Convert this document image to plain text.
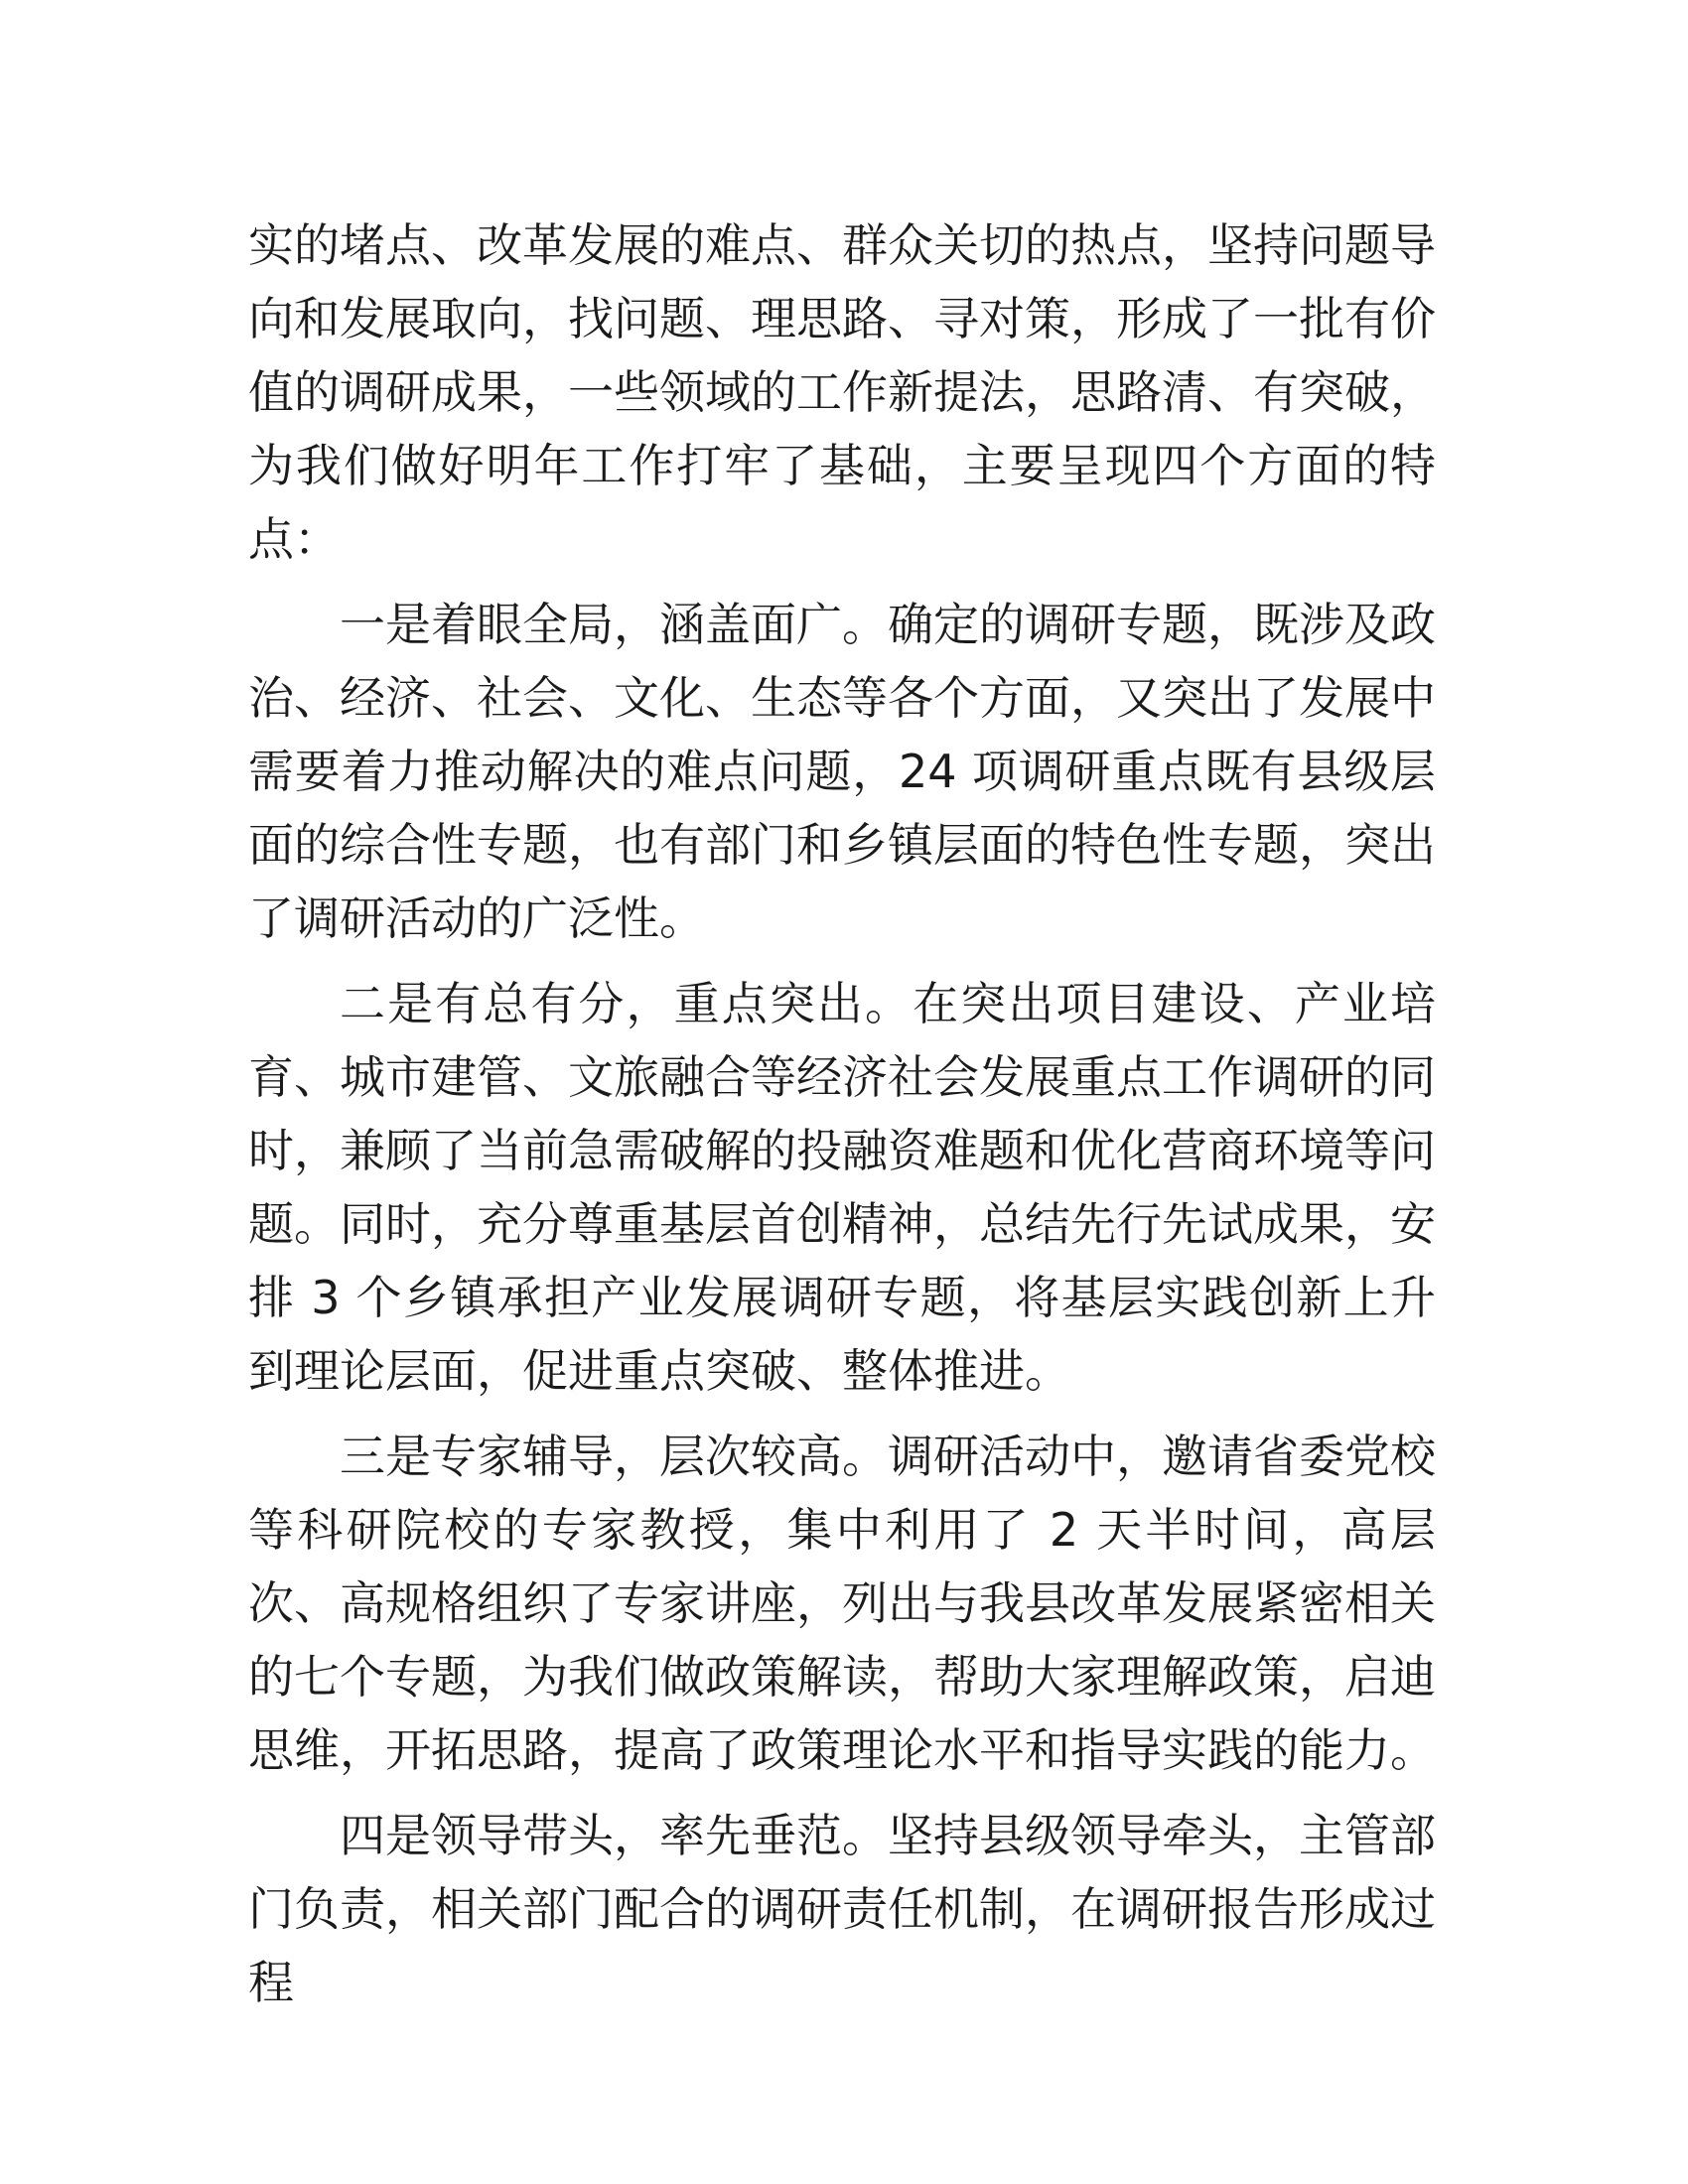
实的堵点、改革发展的难点、群众关切的热点，坚持问题导向和发展取向，找问题、理思路、寻对策，形成了一批有价值的调研成果，一些领域的工作新提法，思路清、有突破，为我们做好明年工作打牢了基础，主要呈现四个方面的特点：

一是着眼全局，涵盖面广。确定的调研专题，既涉及政治、经济、社会、文化、生态等各个方面，又突出了发展中需要着力推动解决的难点问题，24 项调研重点既有县级层面的综合性专题，也有部门和乡镇层面的特色性专题，突出了调研活动的广泛性。

二是有总有分，重点突出。在突出项目建设、产业培育、城市建管、文旅融合等经济社会发展重点工作调研的同时，兼顾了当前急需破解的投融资难题和优化营商环境等问题。同时，充分尊重基层首创精神，总结先行先试成果，安排 3 个乡镇承担产业发展调研专题，将基层实践创新上升到理论层面，促进重点突破、整体推进。

三是专家辅导，层次较高。调研活动中，邀请省委党校等科研院校的专家教授，集中利用了 2 天半时间，高层次、高规格组织了专家讲座，列出与我县改革发展紧密相关的七个专题，为我们做政策解读，帮助大家理解政策，启迪思维，开拓思路，提高了政策理论水平和指导实践的能力。

四是领导带头，率先垂范。坚持县级领导牵头，主管部门负责，相关部门配合的调研责任机制，在调研报告形成过程
